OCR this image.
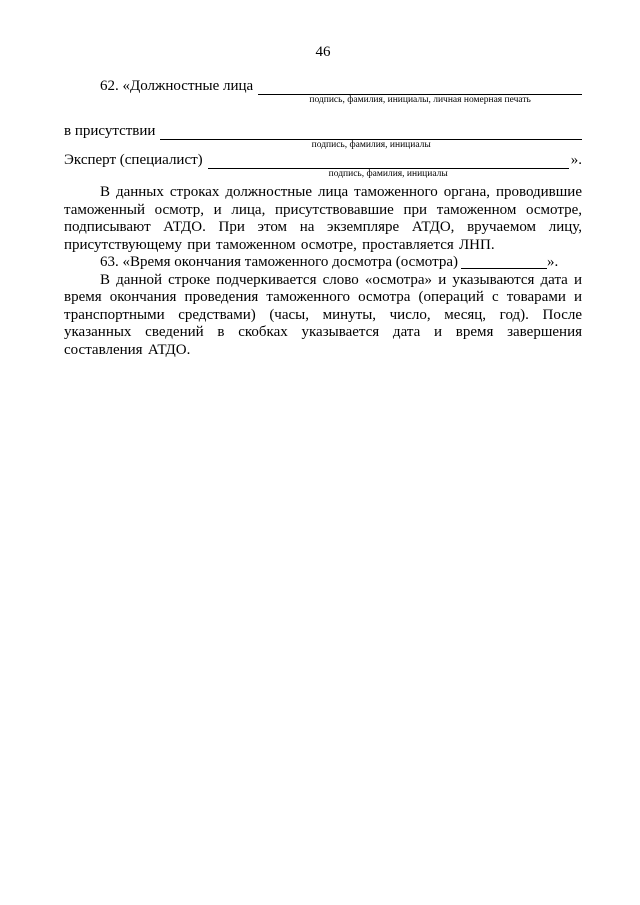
46
62. «Должностные лица
подпись, фамилия, инициалы, личная номерная печать
в присутствии
подпись, фамилия, инициалы
Эксперт (специалист)
подпись, фамилия, инициалы
».

В данных строках должностные лица таможенного органа, проводившие таможенный осмотр, и лица, присутствовавшие при таможенном осмотре, подписывают АТДО. При этом на экземпляре АТДО, вручаемом лицу, присутствующему при таможенном осмотре, проставляется ЛНП.

63. «Время окончания таможенного досмотра (осмотра)	».

В данной строке подчеркивается слово «осмотра» и указываются дата и время окончания проведения таможенного осмотра (операций с товарами и транспортными средствами) (часы, минуты, число, месяц, год). После указанных сведений в скобках указывается дата и время завершения составления АТДО.
